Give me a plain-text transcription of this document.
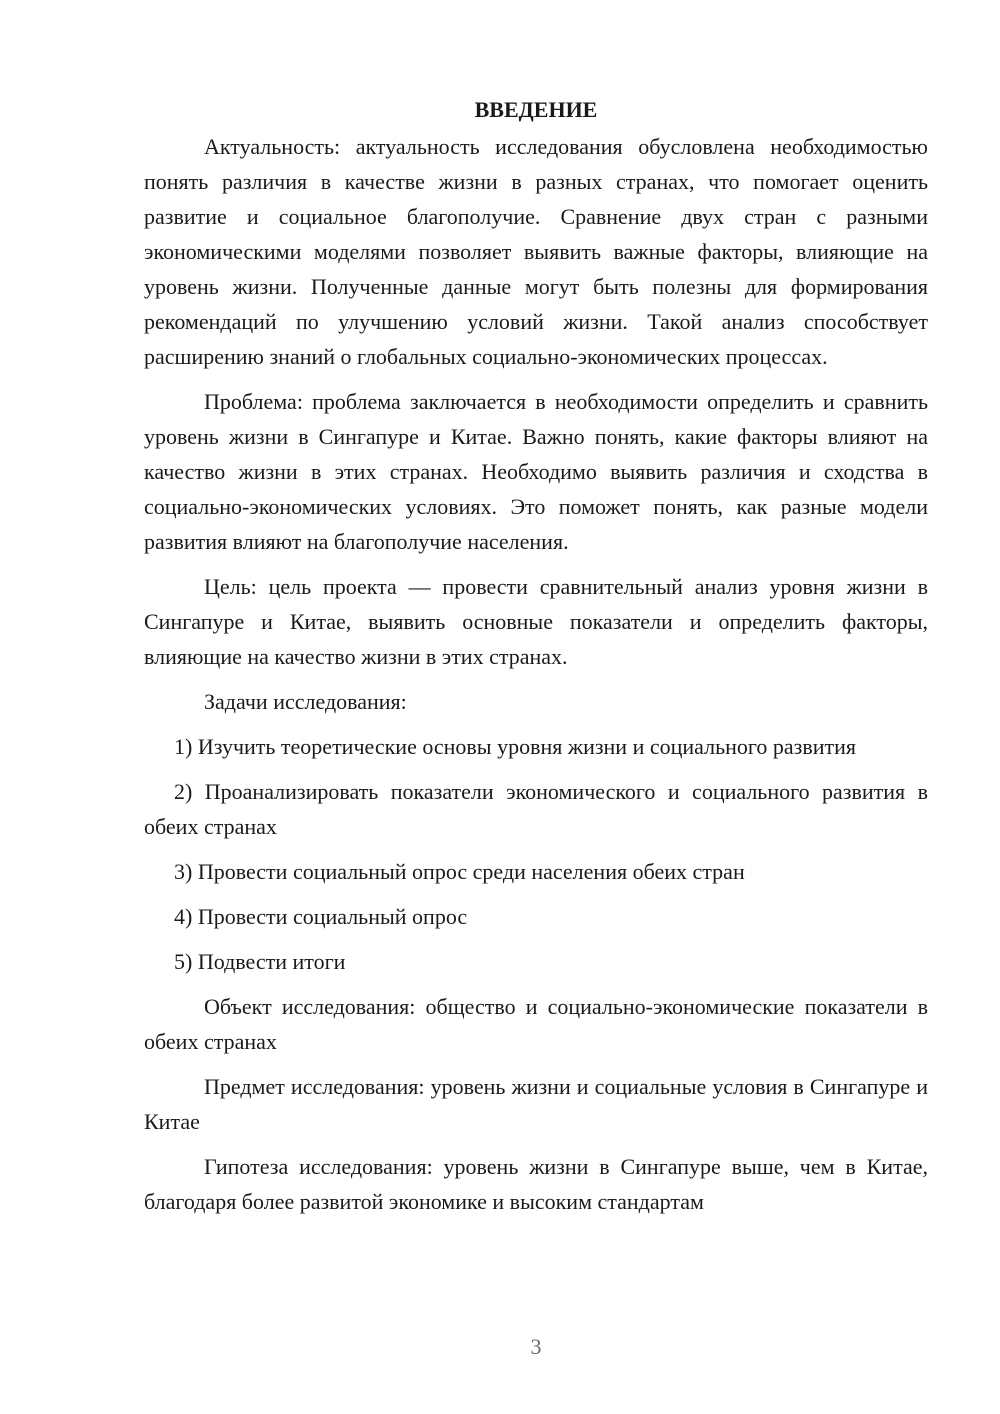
ВВЕДЕНИЕ

Актуальность: актуальность исследования обусловлена необходимостью понять различия в качестве жизни в разных странах, что помогает оценить развитие и социальное благополучие. Сравнение двух стран с разными экономическими моделями позволяет выявить важные факторы, влияющие на уровень жизни. Полученные данные могут быть полезны для формирования рекомендаций по улучшению условий жизни. Такой анализ способствует расширению знаний о глобальных социально-экономических процессах.

Проблема: проблема заключается в необходимости определить и сравнить уровень жизни в Сингапуре и Китае. Важно понять, какие факторы влияют на качество жизни в этих странах. Необходимо выявить различия и сходства в социально-экономических условиях. Это поможет понять, как разные модели развития влияют на благополучие населения.

Цель: цель проекта — провести сравнительный анализ уровня жизни в Сингапуре и Китае, выявить основные показатели и определить факторы, влияющие на качество жизни в этих странах.

Задачи исследования:

1) Изучить теоретические основы уровня жизни и социального развития

2) Проанализировать показатели экономического и социального развития в обеих странах

3) Провести социальный опрос среди населения обеих стран

4) Провести социальный опрос

5) Подвести итоги

Объект исследования: общество и социально-экономические показатели в обеих странах

Предмет исследования: уровень жизни и социальные условия в Сингапуре и Китае

Гипотеза исследования: уровень жизни в Сингапуре выше, чем в Китае, благодаря более развитой экономике и высоким стандартам

3
